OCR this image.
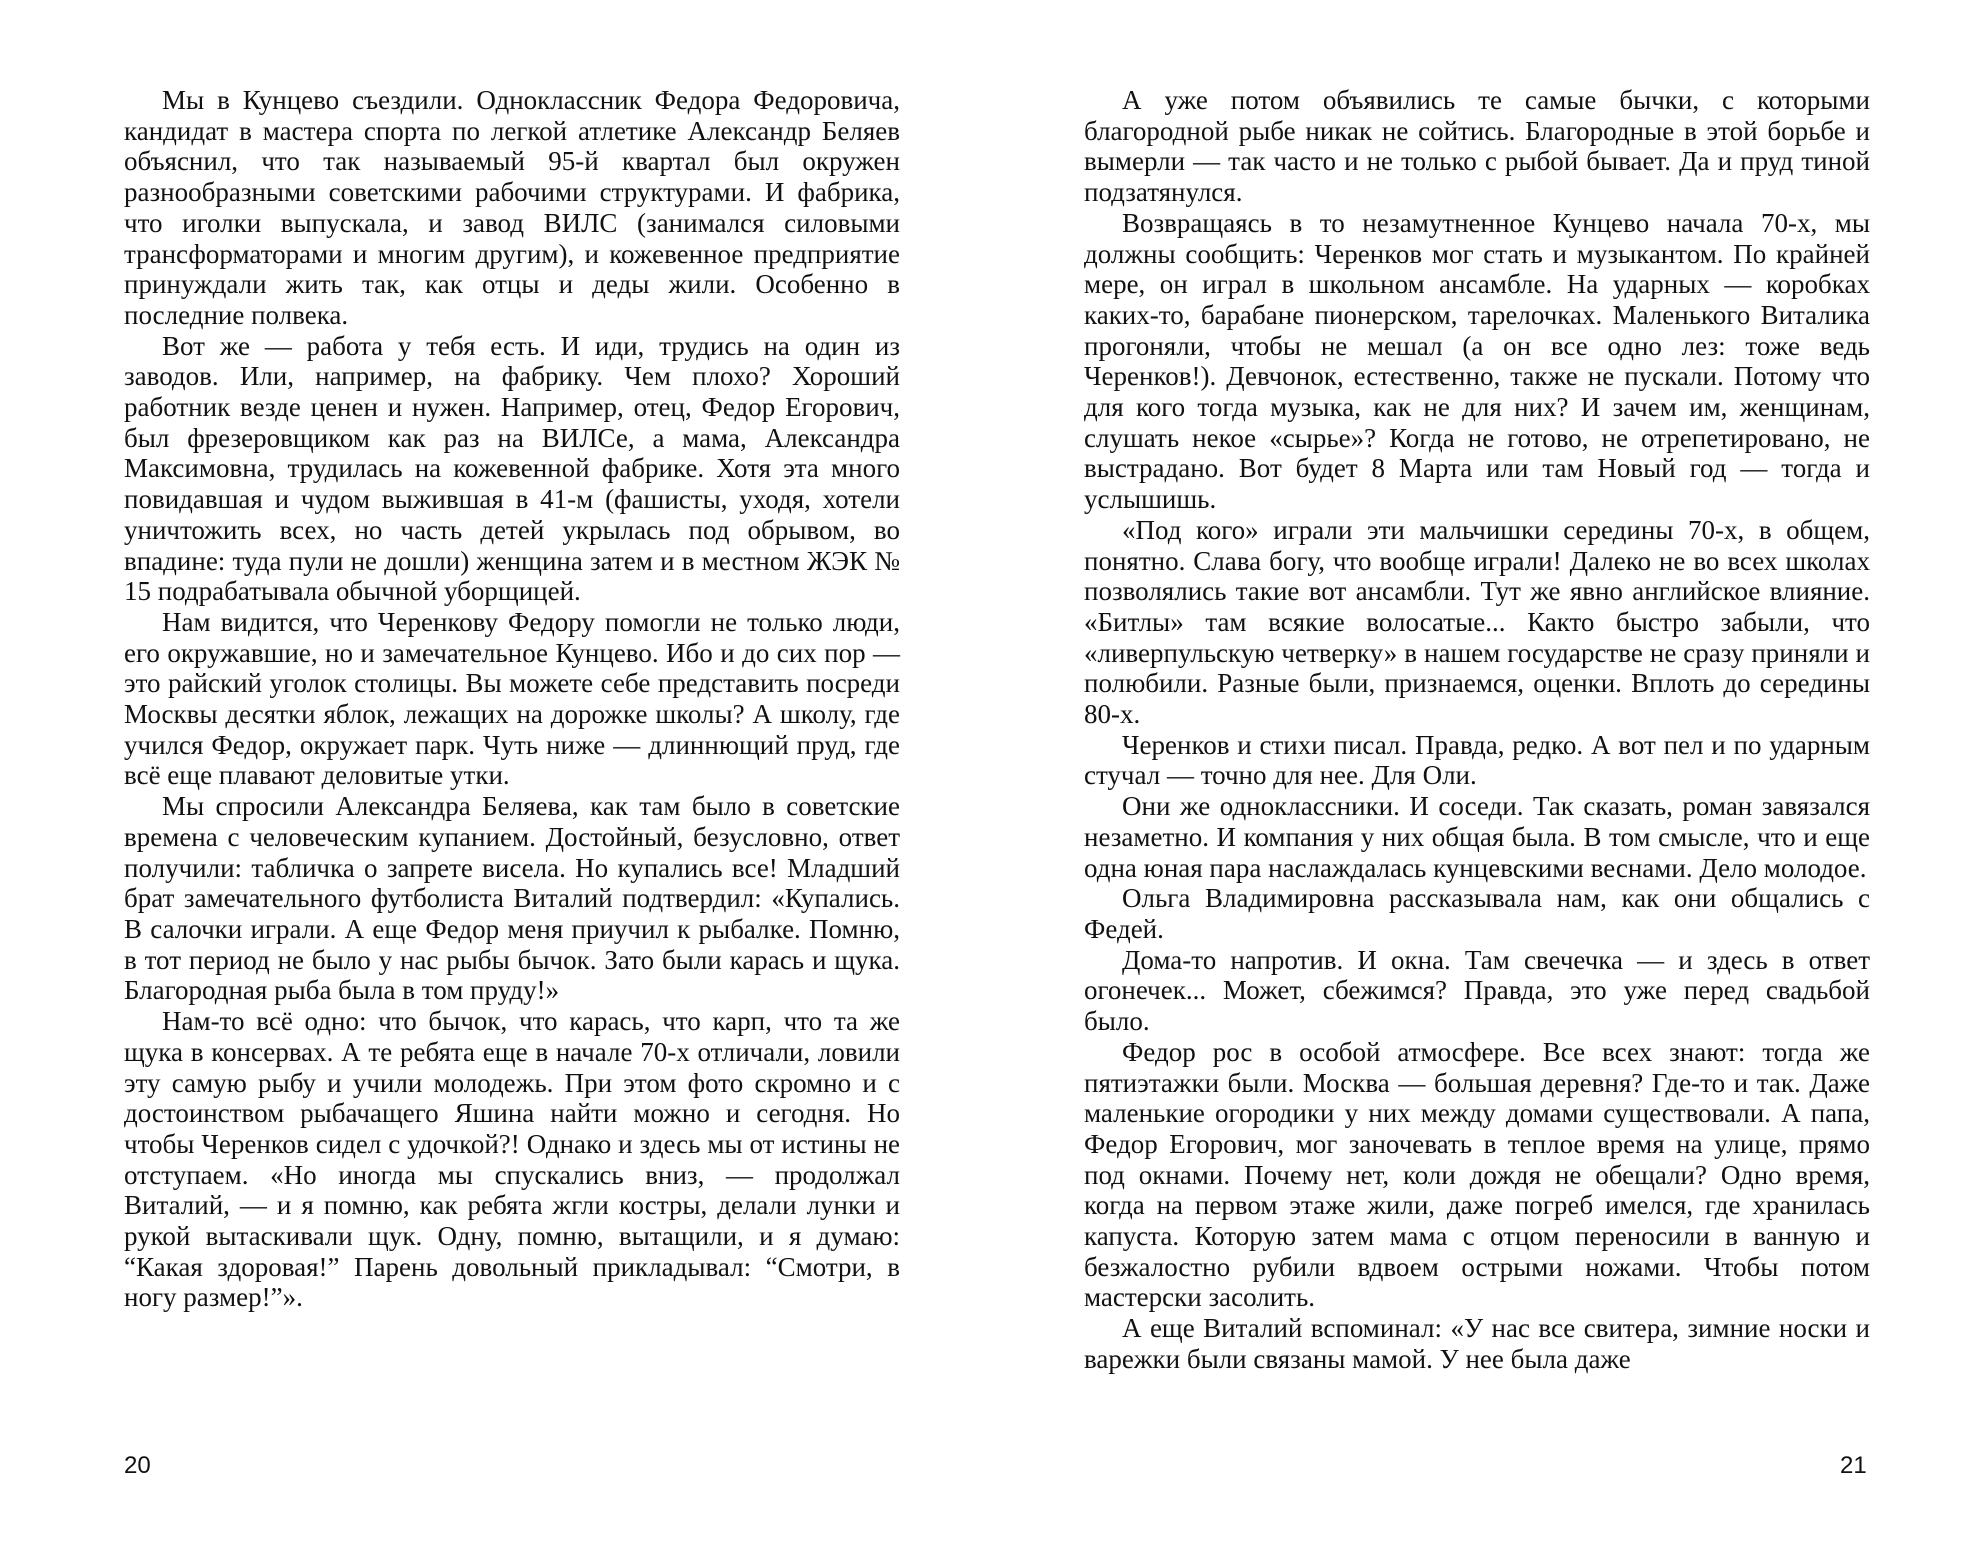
Мы в Кунцево съездили. Одноклассник Федора Федоровича, кандидат в мастера спорта по легкой атлетике Александр Беляев объяснил, что так называемый 95-й квартал был окружен разнообразными советскими рабочими структурами. И фабрика, что иголки выпускала, и завод ВИЛС (занимался силовыми трансформаторами и многим другим), и кожевенное предприятие принуждали жить так, как отцы и деды жили. Особенно в последние полвека.

Вот же — работа у тебя есть. И иди, трудись на один из заводов. Или, например, на фабрику. Чем плохо? Хороший работник везде ценен и нужен. Например, отец, Федор Егорович, был фрезеровщиком как раз на ВИЛСе, а мама, Александра Максимовна, трудилась на кожевенной фабрике. Хотя эта много повидавшая и чудом выжившая в 41-м (фашисты, уходя, хотели уничтожить всех, но часть детей укрылась под обрывом, во впадине: туда пули не дошли) женщина затем и в местном ЖЭК № 15 подрабатывала обычной уборщицей.

Нам видится, что Черенкову Федору помогли не только люди, его окружавшие, но и замечательное Кунцево. Ибо и до сих пор — это райский уголок столицы. Вы можете себе представить посреди Москвы десятки яблок, лежащих на дорожке школы? А школу, где учился Федор, окружает парк. Чуть ниже — длиннющий пруд, где всё еще плавают деловитые утки.

Мы спросили Александра Беляева, как там было в советские времена с человеческим купанием. Достойный, безусловно, ответ получили: табличка о запрете висела. Но купались все! Младший брат замечательного футболиста Виталий подтвердил: «Купались. В салочки играли. А еще Федор меня приучил к рыбалке. Помню, в тот период не было у нас рыбы бычок. Зато были карась и щука. Благородная рыба была в том пруду!»

Нам-то всё одно: что бычок, что карась, что карп, что та же щука в консервах. А те ребята еще в начале 70-х отличали, ловили эту самую рыбу и учили молодежь. При этом фото скромно и с достоинством рыбачащего Яшина найти можно и сегодня. Но чтобы Черенков сидел с удочкой?! Однако и здесь мы от истины не отступаем. «Но иногда мы спускались вниз, — продолжал Виталий, — и я помню, как ребята жгли костры, делали лунки и рукой вытаскивали щук. Одну, помню, вытащили, и я думаю: “Какая здоровая!” Парень довольный прикладывал: “Смотри, в ногу размер!”».

А уже потом объявились те самые бычки, с которыми благородной рыбе никак не сойтись. Благородные в этой борьбе и вымерли — так часто и не только с рыбой бывает. Да и пруд тиной подзатянулся.

Возвращаясь в то незамутненное Кунцево начала 70-х, мы должны сообщить: Черенков мог стать и музыкантом. По крайней мере, он играл в школьном ансамбле. На ударных — коробках каких-то, барабане пионерском, тарелочках. Маленького Виталика прогоняли, чтобы не мешал (а он все одно лез: тоже ведь Черенков!). Девчонок, естественно, также не пускали. Потому что для кого тогда музыка, как не для них? И зачем им, женщинам, слушать некое «сырье»? Когда не готово, не отрепетировано, не выстрадано. Вот будет 8 Марта или там Новый год — тогда и услышишь.

«Под кого» играли эти мальчишки середины 70-х, в общем, понятно. Слава богу, что вообще играли! Далеко не во всех школах позволялись такие вот ансамбли. Тут же явно английское влияние. «Битлы» там всякие волосатые... Както быстро забыли, что «ливерпульскую четверку» в нашем государстве не сразу приняли и полюбили. Разные были, признаемся, оценки. Вплоть до середины 80-х.

Черенков и стихи писал. Правда, редко. А вот пел и по ударным стучал — точно для нее. Для Оли.

Они же одноклассники. И соседи. Так сказать, роман завязался незаметно. И компания у них общая была. В том смысле, что и еще одна юная пара наслаждалась кунцевскими веснами. Дело молодое.

Ольга Владимировна рассказывала нам, как они общались с Федей.

Дома-то напротив. И окна. Там свечечка — и здесь в ответ огонечек... Может, сбежимся? Правда, это уже перед свадьбой было.

Федор рос в особой атмосфере. Все всех знают: тогда же пятиэтажки были. Москва — большая деревня? Где-то и так. Даже маленькие огородики у них между домами существовали. А папа, Федор Егорович, мог заночевать в теплое время на улице, прямо под окнами. Почему нет, коли дождя не обещали? Одно время, когда на первом этаже жили, даже погреб имелся, где хранилась капуста. Которую затем мама с отцом переносили в ванную и безжалостно рубили вдвоем острыми ножами. Чтобы потом мастерски засолить.

А еще Виталий вспоминал: «У нас все свитера, зимние носки и варежки были связаны мамой. У нее была даже

20	21
